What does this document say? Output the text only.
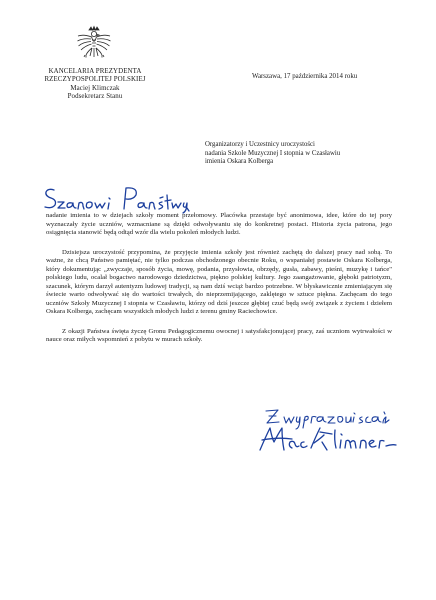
KANCELARIA PREZYDENTA
RZECZYPOSPOLITEJ POLSKIEJ
Maciej Klimczak
Podsekretarz Stanu
Warszawa, 17 października 2014 roku
Organizatorzy i Uczestnicy uroczystości
nadania Szkole Muzycznej I stopnia w Czasławiu
imienia Oskara Kolberga

nadanie imienia to w dziejach szkoły moment przełomowy. Placówka przestaje być anonimowa, idee, które do tej pory wyznaczały życie uczniów, wzmacniane są dzięki odwoływaniu się do konkretnej postaci. Historia życia patrona, jego osiągnięcia stanowić będą odtąd wzór dla wielu pokoleń młodych ludzi.

Dzisiejsza uroczystość przypomina, że przyjęcie imienia szkoły jest również zachętą do dalszej pracy nad sobą. To ważne, że chcą Państwo pamiętać, nie tylko podczas obchodzonego obecnie Roku, o wspaniałej postawie Oskara Kolberga, który dokumentując „zwyczaje, sposób życia, mowę, podania, przysłowia, obrzędy, gusła, zabawy, pieśni, muzykę i tańce" polskiego ludu, ocalał bogactwo narodowego dziedzictwa, piękno polskiej kultury. Jego zaangażowanie, głęboki patriotyzm, szacunek, którym darzył autentyzm ludowej tradycji, są nam dziś wciąż bardzo potrzebne. W błyskawicznie zmieniającym się świecie warto odwoływać się do wartości trwałych, do nieprzemijającego, zaklętego w sztuce piękna. Zachęcam do tego uczniów Szkoły Muzycznej I stopnia w Czasławiu, którzy od dziś jeszcze głębiej czuć będą swój związek z życiem i dziełem Oskara Kolberga, zachęcam wszystkich młodych ludzi z terenu gminy Raciechowice.

Z okazji Państwa święta życzę Gronu Pedagogicznemu owocnej i satysfakcjonującej pracy, zaś uczniom wytrwałości w nauce oraz miłych wspomnień z pobytu w murach szkoły.
